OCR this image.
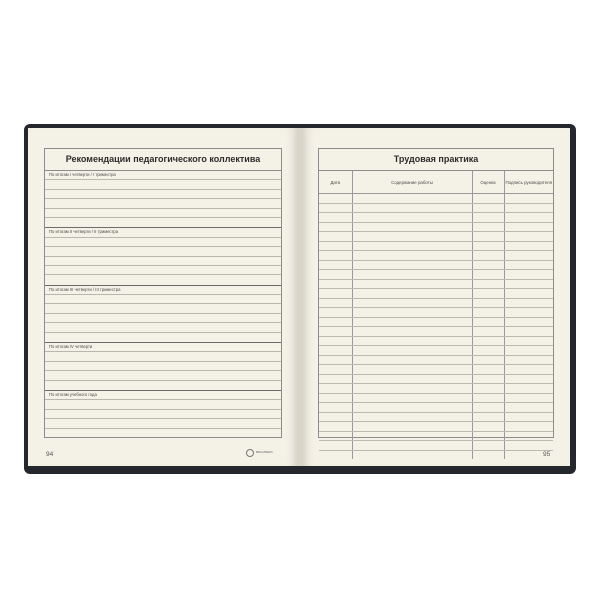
Рекомендации педагогического коллектива
По итогам I четверти / I триместра
По итогам II четверти / II триместра
По итогам III четверти / III триместра
По итогам IV четверти
По итогам учебного года
Трудовая практика
Дата	Содержание работы	Оценка	Подпись руководителя

94	BRAUBERG	95
